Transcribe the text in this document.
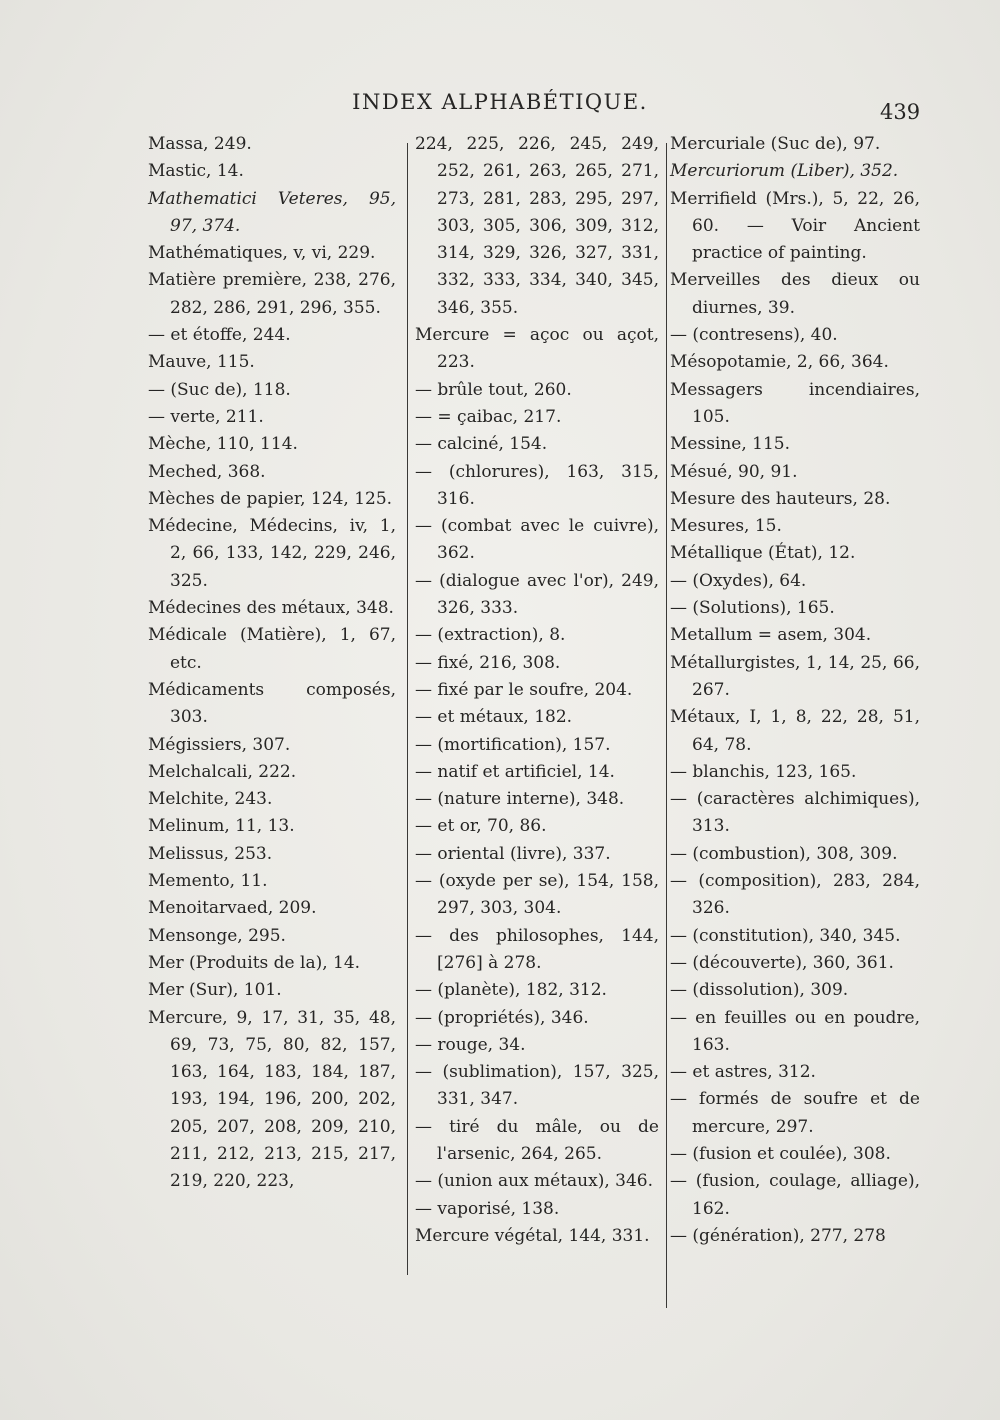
INDEX ALPHABÉTIQUE.	439

Massa, 249.

Mastic, 14.

Mathematici Veteres, 95, 97, 374.

Mathématiques, v, vi, 229.

Matière première, 238, 276, 282, 286, 291, 296, 355.

— et étoffe, 244.

Mauve, 115.

— (Suc de), 118.

— verte, 211.

Mèche, 110, 114.

Meched, 368.

Mèches de papier, 124, 125.

Médecine, Médecins, iv, 1, 2, 66, 133, 142, 229, 246, 325.

Médecines des métaux, 348.

Médicale (Matière), 1, 67, etc.

Médicaments composés, 303.

Mégissiers, 307.

Melchalcali, 222.

Melchite, 243.

Melinum, 11, 13.

Melissus, 253.

Memento, 11.

Menoitarvaed, 209.

Mensonge, 295.

Mer (Produits de la), 14.

Mer (Sur), 101.

Mercure, 9, 17, 31, 35, 48, 69, 73, 75, 80, 82, 157, 163, 164, 183, 184, 187, 193, 194, 196, 200, 202, 205, 207, 208, 209, 210, 211, 212, 213, 215, 217, 219, 220, 223,

224, 225, 226, 245, 249, 252, 261, 263, 265, 271, 273, 281, 283, 295, 297, 303, 305, 306, 309, 312, 314, 329, 326, 327, 331, 332, 333, 334, 340, 345, 346, 355.

Mercure = açoc ou açot, 223.

— brûle tout, 260.

— = çaibac, 217.

— calciné, 154.

— (chlorures), 163, 315, 316.

— (combat avec le cuivre), 362.

— (dialogue avec l'or), 249, 326, 333.

— (extraction), 8.

— fixé, 216, 308.

— fixé par le soufre, 204.

— et métaux, 182.

— (mortification), 157.

— natif et artificiel, 14.

— (nature interne), 348.

— et or, 70, 86.

— oriental (livre), 337.

— (oxyde per se), 154, 158, 297, 303, 304.

— des philosophes, 144, [276] à 278.

— (planète), 182, 312.

— (propriétés), 346.

— rouge, 34.

— (sublimation), 157, 325, 331, 347.

— tiré du mâle, ou de l'arsenic, 264, 265.

— (union aux métaux), 346.

— vaporisé, 138.

Mercure végétal, 144, 331.

Mercuriale (Suc de), 97.

Mercuriorum (Liber), 352.

Merrifield (Mrs.), 5, 22, 26, 60. — Voir Ancient practice of painting.

Merveilles des dieux ou diurnes, 39.

— (contresens), 40.

Mésopotamie, 2, 66, 364.

Messagers incendiaires, 105.

Messine, 115.

Mésué, 90, 91.

Mesure des hauteurs, 28.

Mesures, 15.

Métallique (État), 12.

— (Oxydes), 64.

— (Solutions), 165.

Metallum = asem, 304.

Métallurgistes, 1, 14, 25, 66, 267.

Métaux, I, 1, 8, 22, 28, 51, 64, 78.

— blanchis, 123, 165.

— (caractères alchimiques), 313.

— (combustion), 308, 309.

— (composition), 283, 284, 326.

— (constitution), 340, 345.

— (découverte), 360, 361.

— (dissolution), 309.

— en feuilles ou en poudre, 163.

— et astres, 312.

— formés de soufre et de mercure, 297.

— (fusion et coulée), 308.

— (fusion, coulage, alliage), 162.

— (génération), 277, 278
